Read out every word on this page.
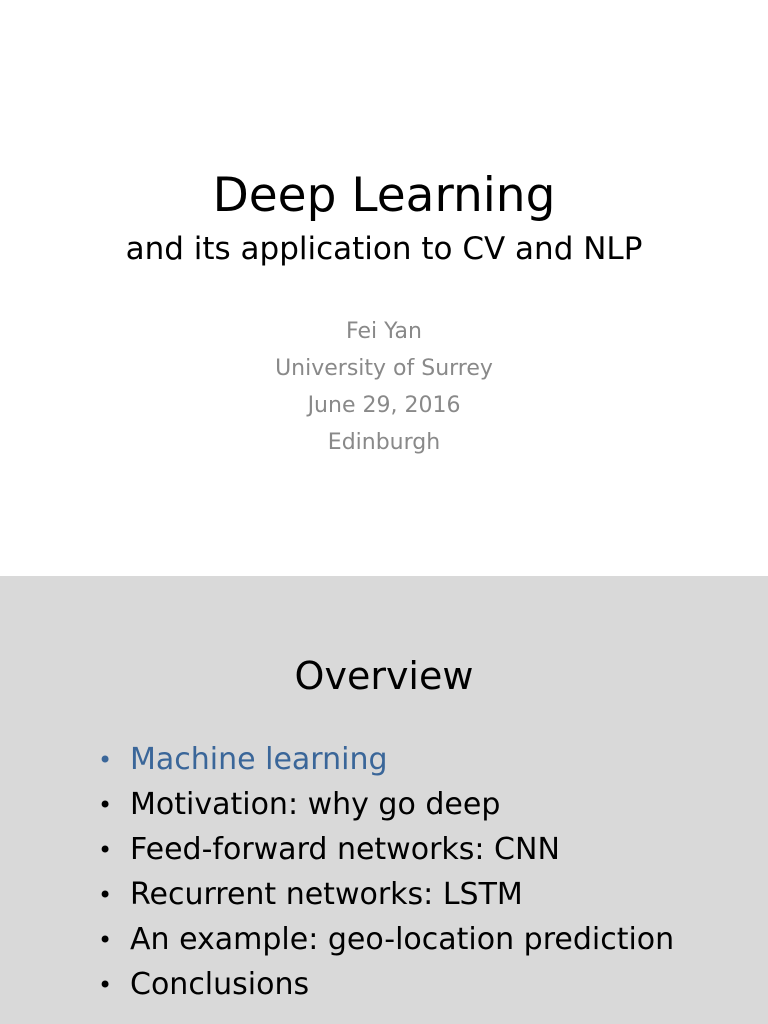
Deep Learning
and its application to CV and NLP
Fei Yan
University of Surrey
June 29, 2016
Edinburgh
Overview
• Machine learning
• Motivation: why go deep
• Feed-forward networks: CNN
• Recurrent networks: LSTM
• An example: geo-location prediction
• Conclusions
